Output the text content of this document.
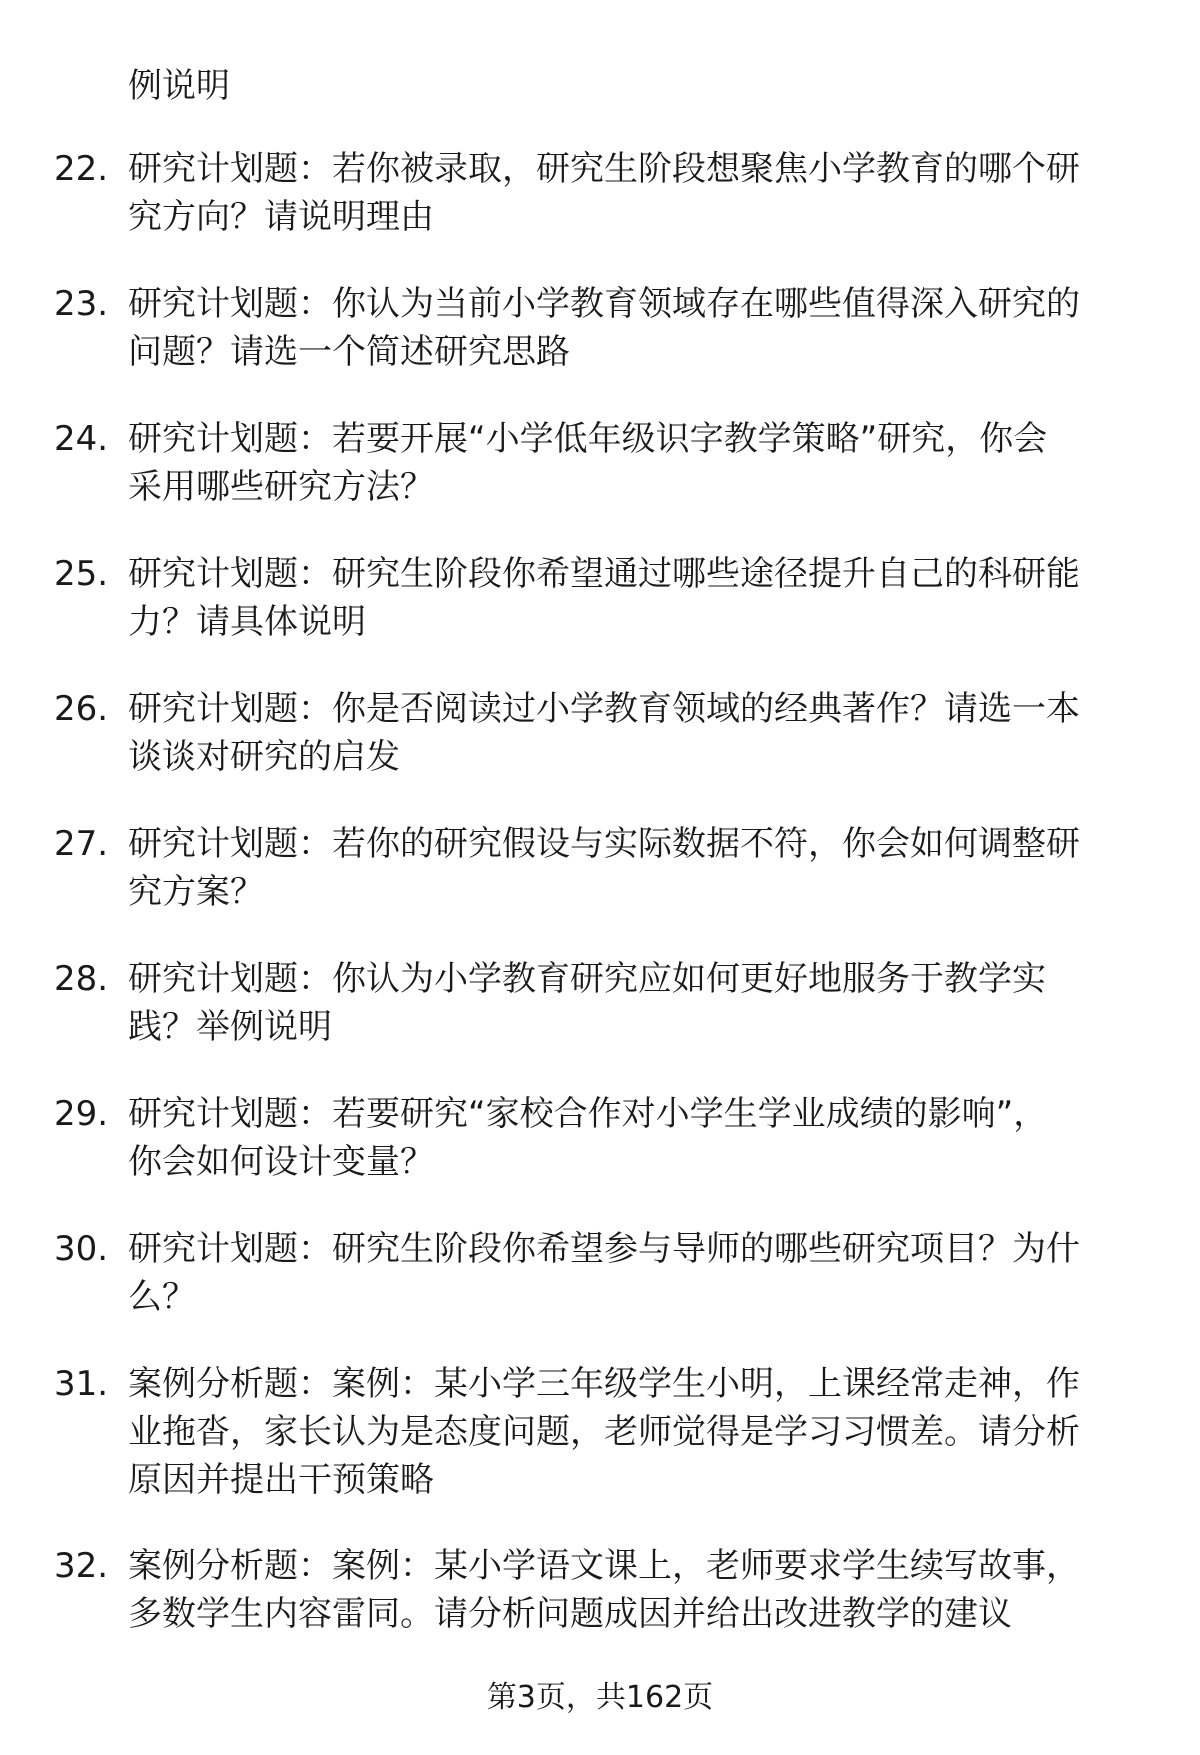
例说明
22. 研究计划题：若你被录取，研究生阶段想聚焦小学教育的哪个研
究方向？请说明理由
23. 研究计划题：你认为当前小学教育领域存在哪些值得深入研究的
问题？请选一个简述研究思路
24. 研究计划题：若要开展“小学低年级识字教学策略”研究，你会
采用哪些研究方法？
25. 研究计划题：研究生阶段你希望通过哪些途径提升自己的科研能
力？请具体说明
26. 研究计划题：你是否阅读过小学教育领域的经典著作？请选一本
谈谈对研究的启发
27. 研究计划题：若你的研究假设与实际数据不符，你会如何调整研
究方案？
28. 研究计划题：你认为小学教育研究应如何更好地服务于教学实
践？举例说明
29. 研究计划题：若要研究“家校合作对小学生学业成绩的影响”，
你会如何设计变量？
30. 研究计划题：研究生阶段你希望参与导师的哪些研究项目？为什
么？
31. 案例分析题：案例：某小学三年级学生小明，上课经常走神，作
业拖沓，家长认为是态度问题，老师觉得是学习习惯差。请分析
原因并提出干预策略
32. 案例分析题：案例：某小学语文课上，老师要求学生续写故事，
多数学生内容雷同。请分析问题成因并给出改进教学的建议
第3页，共162页
